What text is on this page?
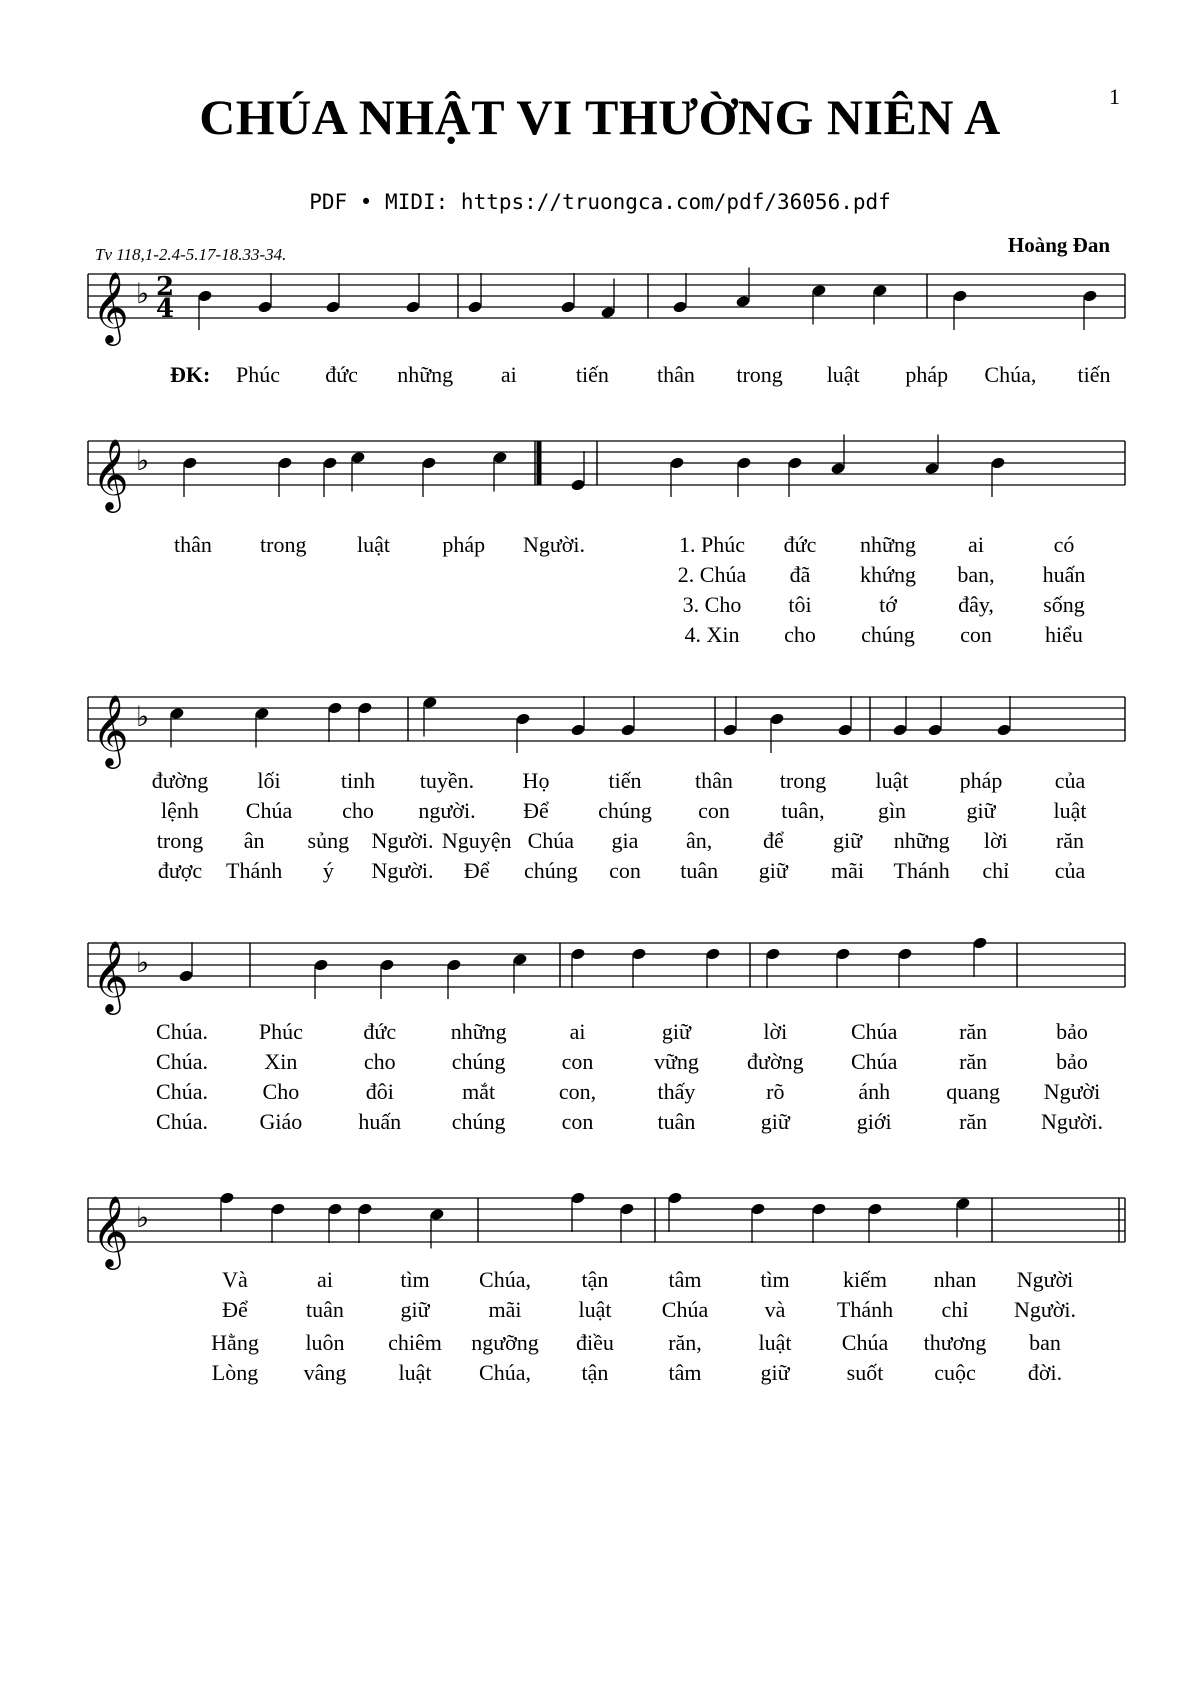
CHÚA NHẬT VI THƯỜNG NIÊN A	1
PDF • MIDI: https://truongca.com/pdf/36056.pdf
Tv 118,1-2.4-5.17-18.33-34.	Hoàng Đan
𝄞 ♭ 2
4
𝄞 ♭
𝄞 ♭
𝄞 ♭
𝄞 ♭
Phúc đức những ai	tiến thân trong luật pháp Chúa, tiến
ĐK:
thân trong luật pháp Người.	1. Phúc đức những ai	có
2. Chúa đã khứng ban, huấn
3. Cho tôi	tớ	đây, sống
4. Xin cho chúng con hiểu
đường lối	tinh tuyền. Họ	tiến thân trong luật pháp của
lệnh Chúa cho người. Để chúng con tuân, gìn	giữ	luật
trong ân sủng Người. Nguyện Chúa gia ân, để giữ những lời răn
được Thánh ý Người. Để chúng con tuân giữ mãi Thánh chỉ của
Chúa. Phúc	đức những	ai	giữ	lời	Chúa	răn	bảo
Chúa.	Xin	cho	chúng	con	vững đường Chúa	răn	bảo
Chúa. Cho	đôi	mắt	con,	thấy	rõ	ánh	quang Người
Chúa. Giáo	huấn chúng	con	tuân	giữ	giới	răn Người.
Và	ai	tìm Chúa, tận	tâm	tìm kiếm nhan Người
Để	tuân	giữ	mãi	luật Chúa	và Thánh chỉ Người.
Hằng luôn chiêm ngưỡng điều răn,	luật Chúa thương ban
Lòng vâng luật Chúa, tận	tâm	giữ	suốt cuộc đời.
